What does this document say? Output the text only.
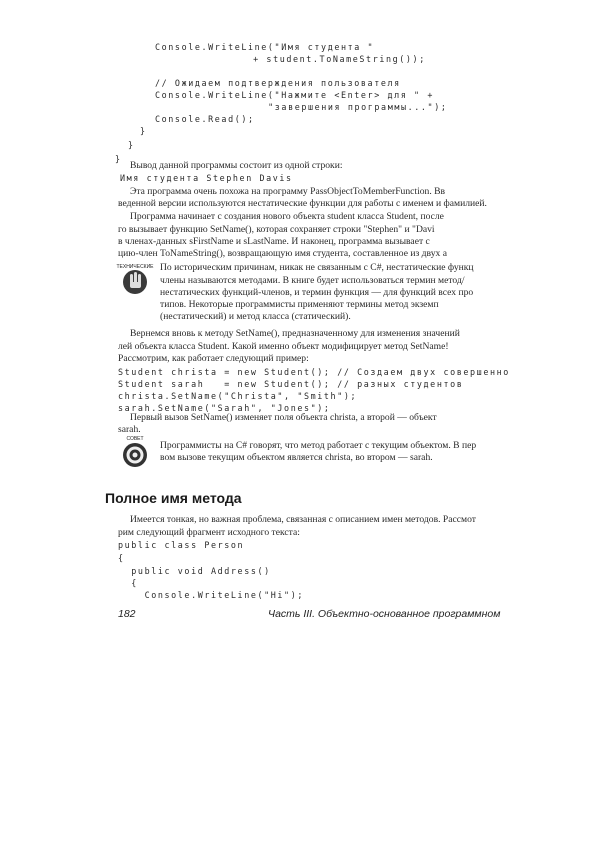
Console.WriteLine("Имя студента "
+ student.ToNameString());
// Ожидаем подтверждения пользователя
Console.WriteLine("Нажмите <Enter> для " +
"завершения программы...");
Console.Read();
}
}
}
Вывод данной программы состоит из одной строки:
Имя студента Stephen Davis
Эта программа очень похожа на программу PassObjectToMemberFunction. Вв
веденной версии используются нестатические функции для работы с именем и фамилией.
Программа начинает с создания нового объекта student класса Student, после
го вызывает функцию SetName(), которая сохраняет строки "Stephen" и "Davi
в членах-данных sFirstName и sLastName. И наконец, программа вызывает с
цию-член ToNameString(), возвращающую имя студента, составленное из двух а
ТЕХНИЧЕСКИЕ По историческим причинам, никак не связанным с C#, нестатические функц
члены называются методами. В книге будет использоваться термин метод/
нестатических функций-членов, и термин функция — для функций всех про
типов. Некоторые программисты применяют термины метод экземп
(нестатический) и метод класса (статический).
Вернемся вновь к методу SetName(), предназначенному для изменения значений
лей объекта класса Student. Какой именно объект модифицирует метод SetName!
Рассмотрим, как работает следующий пример:
Student christa = new Student(); // Создаем двух совершенно
Student sarah   = new Student(); // разных студентов
christa.SetName("Christa", "Smith");
sarah.SetName("Sarah", "Jones");
Первый вызов SetName() изменяет поля объекта christa, а второй — объект
sarah.
СОВЕТ
Программисты на C# говорят, что метод работает с текущим объектом. В пер
вом вызове текущим объектом является christa, во втором — sarah.
Полное имя метода
Имеется тонкая, но важная проблема, связанная с описанием имен методов. Рассмот
рим следующий фрагмент исходного текста:
public class Person
{
public void Address()
{
Console.WriteLine("Hi");
182	Часть III. Объектно-основанное программном
